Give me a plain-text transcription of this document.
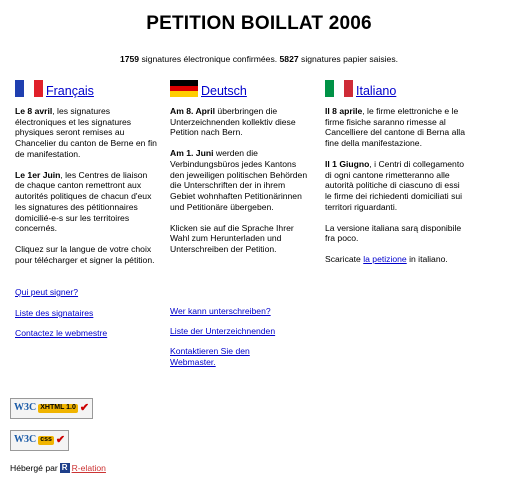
PETITION BOILLAT 2006
1759 signatures électronique confirmées. 5827 signatures papier saisies.
Français

Le 8 avril, les signatures électroniques et les signatures physiques seront remises au Chancelier du canton de Berne en fin de manifestation.

Le 1er Juin, les Centres de liaison de chaque canton remettront aux autorités politiques de chacun d'eux les signatures des pétitionnaires domicilié-e-s sur les territoires concernés.

Cliquez sur la langue de votre choix pour télécharger et signer la pétition.

Qui peut signer?
Liste des signataires
Contactez le webmestre
Deutsch

Am 8. April überbringen die Unterzeichnenden kollektiv diese Petition nach Bern.

Am 1. Juni werden die Verbindungsbüros jedes Kantons den jeweiligen politischen Behörden die Unterschriften der in ihrem Gebiet wohnhaften Petitionärinnen und Petitionäre übergeben.

Klicken sie auf die Sprache Ihrer Wahl zum Herunterladen und Unterschreiben der Petition.

Wer kann unterschreiben?
Liste der Unterzeichnenden
Kontaktieren Sie den Webmaster.
Italiano

Il 8 aprile, le firme elettroniche e le firme fisiche saranno rimesse al Cancelliere del cantone di Berna alla fine della manifestazione.

Il 1 Giugno, i Centri di collegamento di ogni cantone rimetteranno alle autorità politiche di ciascuno di essi le firme dei richiedenti domiciliati sui territori riguardanti.

La versione italiana sarą disponibile fra poco.

Scaricate la petizione in italiano.

W3C XHTML 1.0 ✔
W3C css ✔
Hébergé par R R-elation
